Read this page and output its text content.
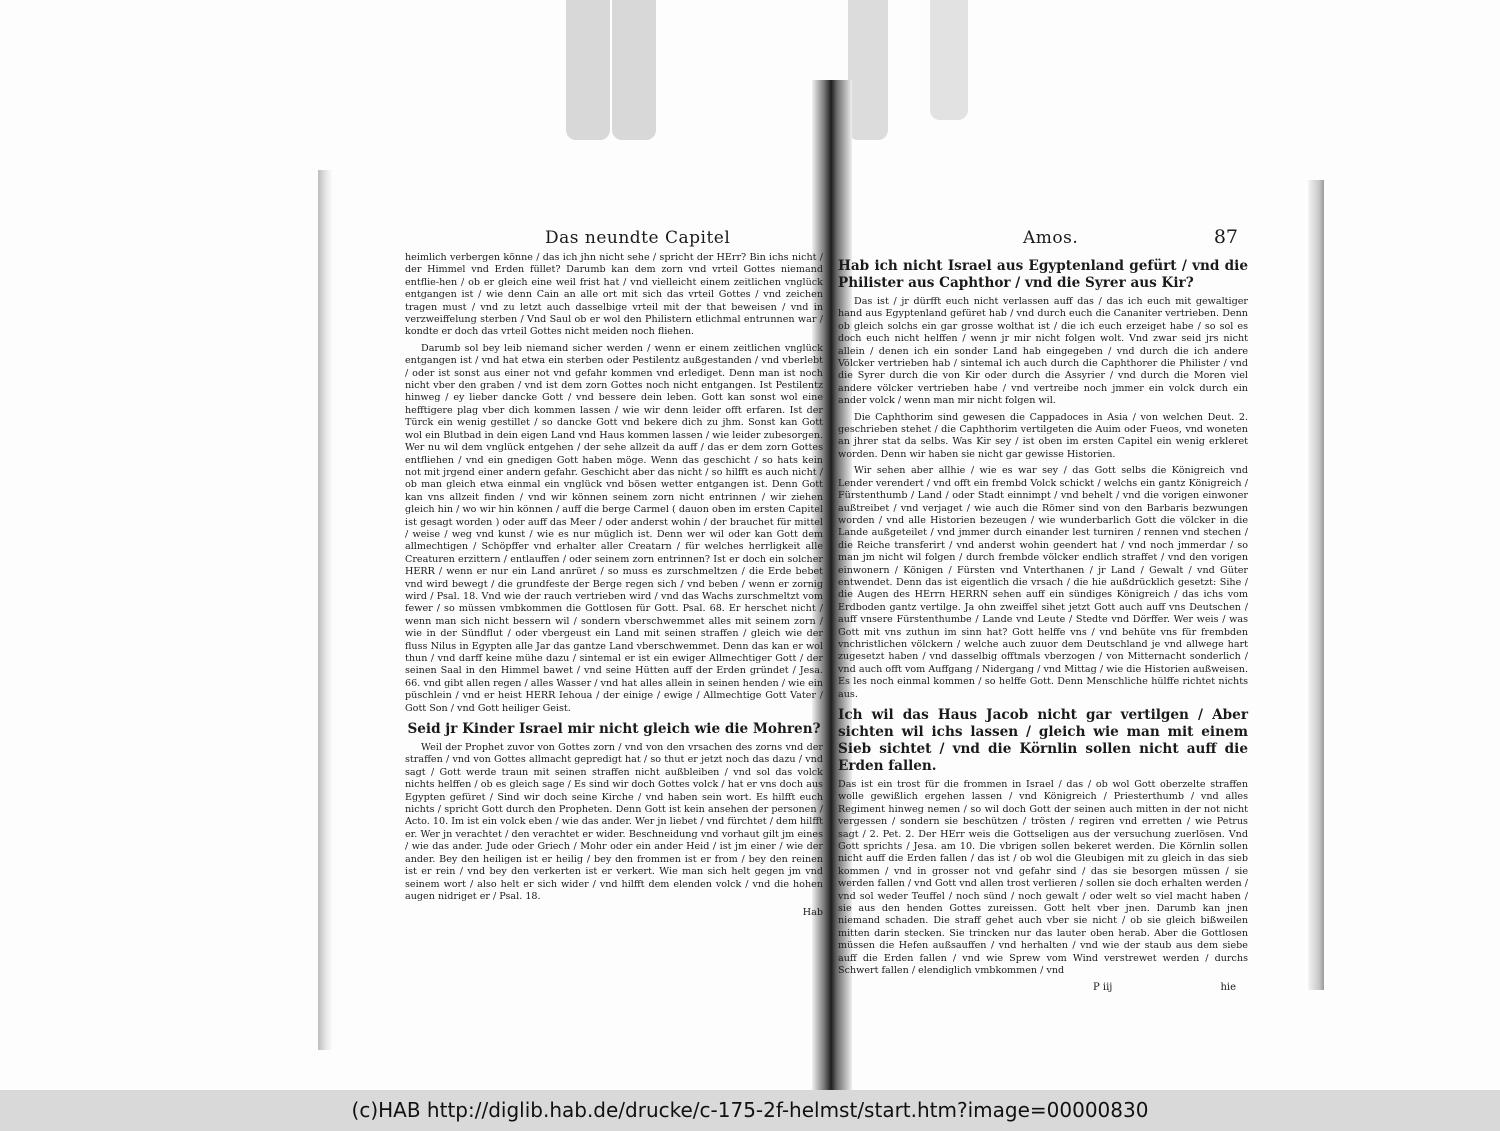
Das neundte Capitel

heimlich verbergen könne / das ich jhn nicht sehe / spricht der HErr? Bin ichs nicht / der Himmel vnd Erden füllet? Darumb kan dem zorn vnd vrteil Gottes niemand entflie-hen / ob er gleich eine weil frist hat / vnd vielleicht einem zeitlichen vnglück entgangen ist / wie denn Cain an alle ort mit sich das vrteil Gottes / vnd zeichen tragen must / vnd zu letzt auch dasselbige vrteil mit der that beweisen / vnd in verzweiffelung sterben / Vnd Saul ob er wol den Philistern etlichmal entrunnen war / kondte er doch das vrteil Gottes nicht meiden noch fliehen.

Darumb sol bey leib niemand sicher werden / wenn er einem zeitlichen vnglück entgangen ist / vnd hat etwa ein sterben oder Pestilentz außgestanden / vnd vberlebt / oder ist sonst aus einer not vnd gefahr kommen vnd erlediget. Denn man ist noch nicht vber den graben / vnd ist dem zorn Gottes noch nicht entgangen. Ist Pestilentz hinweg / ey lieber dancke Gott / vnd bessere dein leben. Gott kan sonst wol eine hefftigere plag vber dich kommen lassen / wie wir denn leider offt erfaren. Ist der Türck ein wenig gestillet / so dancke Gott vnd bekere dich zu jhm. Sonst kan Gott wol ein Blutbad in dein eigen Land vnd Haus kommen lassen / wie leider zubesorgen. Wer nu wil dem vnglück entgehen / der sehe allzeit da auff / das er dem zorn Gottes entfliehen / vnd ein gnedigen Gott haben möge. Wenn das geschicht / so hats kein not mit jrgend einer andern gefahr. Geschicht aber das nicht / so hilfft es auch nicht / ob man gleich etwa einmal ein vnglück vnd bösen wetter entgangen ist. Denn Gott kan vns allzeit finden / vnd wir können seinem zorn nicht entrinnen / wir ziehen gleich hin / wo wir hin können / auff die berge Carmel ( dauon oben im ersten Capitel ist gesagt worden ) oder auff das Meer / oder anderst wohin / der brauchet für mittel / weise / weg vnd kunst / wie es nur müglich ist. Denn wer wil oder kan Gott dem allmechtigen / Schöpffer vnd erhalter aller Creatarn / für welches herrligkeit alle Creaturen erzittern / entlauffen / oder seinem zorn entrinnen? Ist er doch ein solcher HERR / wenn er nur ein Land anrüret / so muss es zurschmeltzen / die Erde bebet vnd wird bewegt / die grundfeste der Berge regen sich / vnd beben / wenn er zornig wird / Psal. 18. Vnd wie der rauch vertrieben wird / vnd das Wachs zurschmeltzt vom fewer / so müssen vmbkommen die Gottlosen für Gott. Psal. 68. Er herschet nicht / wenn man sich nicht bessern wil / sondern vberschwemmet alles mit seinem zorn / wie in der Sündflut / oder vbergeust ein Land mit seinen straffen / gleich wie der fluss Nilus in Egypten alle Jar das gantze Land vberschwemmet. Denn das kan er wol thun / vnd darff keine mühe dazu / sintemal er ist ein ewiger Allmechtiger Gott / der seinen Saal in den Himmel bawet / vnd seine Hütten auff der Erden gründet / Jesa. 66. vnd gibt allen regen / alles Wasser / vnd hat alles allein in seinen henden / wie ein püschlein / vnd er heist HERR Iehoua / der einige / ewige / Allmechtige Gott Vater / Gott Son / vnd Gott heiliger Geist.

Seid jr Kinder Israel mir nicht gleich wie die Mohren?

Weil der Prophet zuvor von Gottes zorn / vnd von den vrsachen des zorns vnd der straffen / vnd von Gottes allmacht gepredigt hat / so thut er jetzt noch das dazu / vnd sagt / Gott werde traun mit seinen straffen nicht außbleiben / vnd sol das volck nichts helffen / ob es gleich sage / Es sind wir doch Gottes volck / hat er vns doch aus Egypten gefüret / Sind wir doch seine Kirche / vnd haben sein wort. Es hilfft euch nichts / spricht Gott durch den Propheten. Denn Gott ist kein ansehen der personen / Acto. 10. Im ist ein volck eben / wie das ander. Wer jn liebet / vnd fürchtet / dem hilfft er. Wer jn verachtet / den verachtet er wider. Beschneidung vnd vorhaut gilt jm eines / wie das ander. Jude oder Griech / Mohr oder ein ander Heid / ist jm einer / wie der ander. Bey den heiligen ist er heilig / bey den frommen ist er from / bey den reinen ist er rein / vnd bey den verkerten ist er verkert. Wie man sich helt gegen jm vnd seinem wort / also helt er sich wider / vnd hilfft dem elenden volck / vnd die hohen augen nidriget er / Psal. 18.

Hab
Amos.	87
Hab ich nicht Israel aus Egyptenland gefürt / vnd die Philister aus Caphthor / vnd die Syrer aus Kir?

Das ist / jr dürfft euch nicht verlassen auff das / das ich euch mit gewaltiger hand aus Egyptenland gefüret hab / vnd durch euch die Cananiter vertrieben. Denn ob gleich solchs ein gar grosse wolthat ist / die ich euch erzeiget habe / so sol es doch euch nicht helffen / wenn jr mir nicht folgen wolt. Vnd zwar seid jrs nicht allein / denen ich ein sonder Land hab eingegeben / vnd durch die ich andere Völcker vertrieben hab / sintemal ich auch durch die Caphthorer die Philister / vnd die Syrer durch die von Kir oder durch die Assyrier / vnd durch die Moren viel andere völcker vertrieben habe / vnd vertreibe noch jmmer ein volck durch ein ander volck / wenn man mir nicht folgen wil.

Die Caphthorim sind gewesen die Cappadoces in Asia / von welchen Deut. 2. geschrieben stehet / die Caphthorim vertilgeten die Auim oder Fueos, vnd woneten an jhrer stat da selbs. Was Kir sey / ist oben im ersten Capitel ein wenig erkleret worden. Denn wir haben sie nicht gar gewisse Historien.

Wir sehen aber allhie / wie es war sey / das Gott selbs die Königreich vnd Lender verendert / vnd offt ein frembd Volck schickt / welchs ein gantz Königreich / Fürstenthumb / Land / oder Stadt einnimpt / vnd behelt / vnd die vorigen einwoner außtreibet / vnd verjaget / wie auch die Römer sind von den Barbaris bezwungen worden / vnd alle Historien bezeugen / wie wunderbarlich Gott die völcker in die Lande außgeteilet / vnd jmmer durch einander lest turniren / rennen vnd stechen / die Reiche transferirt / vnd anderst wohin geendert hat / vnd noch jmmerdar / so man jm nicht wil folgen / durch frembde völcker endlich straffet / vnd den vorigen einwonern / Königen / Fürsten vnd Vnterthanen / jr Land / Gewalt / vnd Güter entwendet. Denn das ist eigentlich die vrsach / die hie außdrücklich gesetzt: Sihe / die Augen des HErrn HERRN sehen auff ein sündiges Königreich / das ichs vom Erdboden gantz vertilge. Ja ohn zweiffel sihet jetzt Gott auch auff vns Deutschen / auff vnsere Fürstenthumbe / Lande vnd Leute / Stedte vnd Dörffer. Wer weis / was Gott mit vns zuthun im sinn hat? Gott helffe vns / vnd behüte vns für frembden vnchristlichen völckern / welche auch zuuor dem Deutschland je vnd allwege hart zugesetzt haben / vnd dasselbig offtmals vberzogen / von Mitternacht sonderlich / vnd auch offt vom Auffgang / Nidergang / vnd Mittag / wie die Historien außweisen. Es les noch einmal kommen / so helffe Gott. Denn Menschliche hülffe richtet nichts aus.

Ich wil das Haus Jacob nicht gar vertilgen / Aber sichten wil ichs lassen / gleich wie man mit einem Sieb sichtet / vnd die Körnlin sollen nicht auff die Erden fallen.

Das ist ein trost für die frommen in Israel / das / ob wol Gott oberzelte straffen wolle gewißlich ergehen lassen / vnd Königreich / Priesterthumb / vnd alles Regiment hinweg nemen / so wil doch Gott der seinen auch mitten in der not nicht vergessen / sondern sie beschützen / trösten / regiren vnd erretten / wie Petrus sagt / 2. Pet. 2. Der HErr weis die Gottseligen aus der versuchung zuerlösen. Vnd Gott sprichts / Jesa. am 10. Die vbrigen sollen bekeret werden. Die Körnlin sollen nicht auff die Erden fallen / das ist / ob wol die Gleubigen mit zu gleich in das sieb kommen / vnd in grosser not vnd gefahr sind / das sie besorgen müssen / sie werden fallen / vnd Gott vnd allen trost verlieren / sollen sie doch erhalten werden / vnd sol weder Teuffel / noch sünd / noch gewalt / oder welt so viel macht haben / sie aus den henden Gottes zureissen. Gott helt vber jnen. Darumb kan jnen niemand schaden. Die straff gehet auch vber sie nicht / ob sie gleich bißweilen mitten darin stecken. Sie trincken nur das lauter oben herab. Aber die Gottlosen müssen die Hefen außsauffen / vnd herhalten / vnd wie der staub aus dem siebe auff die Erden fallen / vnd wie Sprew vom Wind verstrewet werden / durchs Schwert fallen / elendiglich vmbkommen / vnd

P iij	hie
(c)HAB http://diglib.hab.de/drucke/c-175-2f-helmst/start.htm?image=00000830
